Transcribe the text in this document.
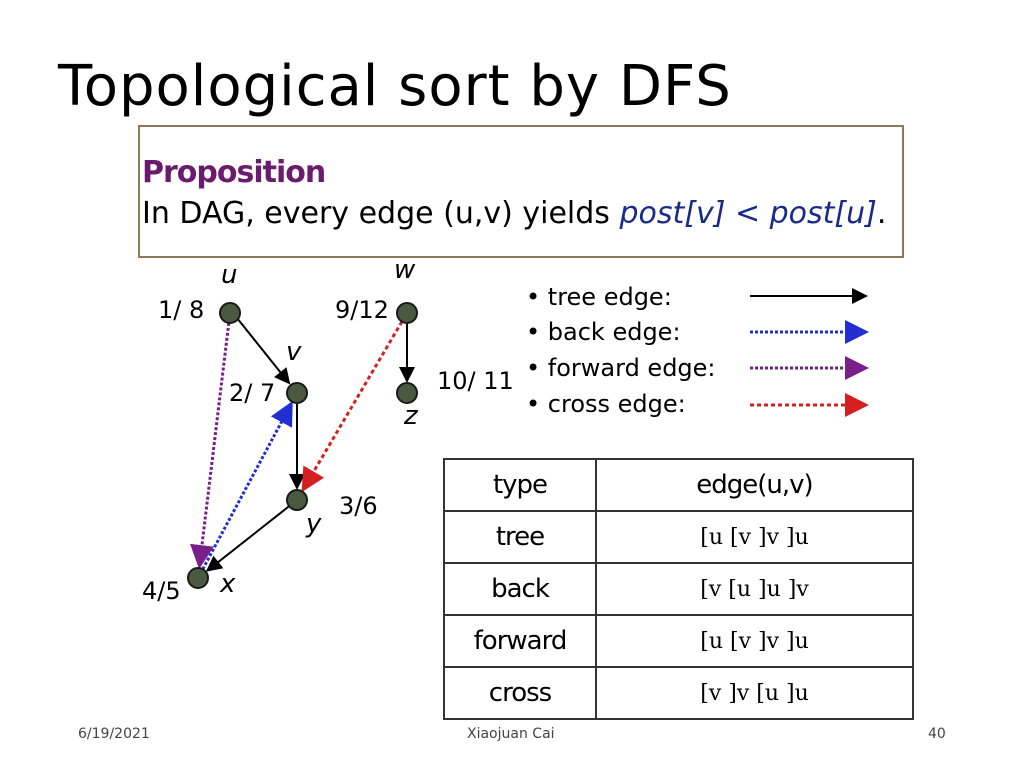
Topological sort by DFS
Proposition
In DAG, every edge (u,v) yields post[v] < post[u].
u
1/ 8
w
9/12
v
2/ 7
z
10/ 11
y
3/6
x
4/5
• tree edge:
• back edge:
• forward edge:
• cross edge:
type	edge(u,v)
tree	[u [v ]v ]u
back	[v [u ]u ]v
forward	[u [v ]v ]u
cross	[v ]v [u ]u
6/19/2021	Xiaojuan Cai	40
